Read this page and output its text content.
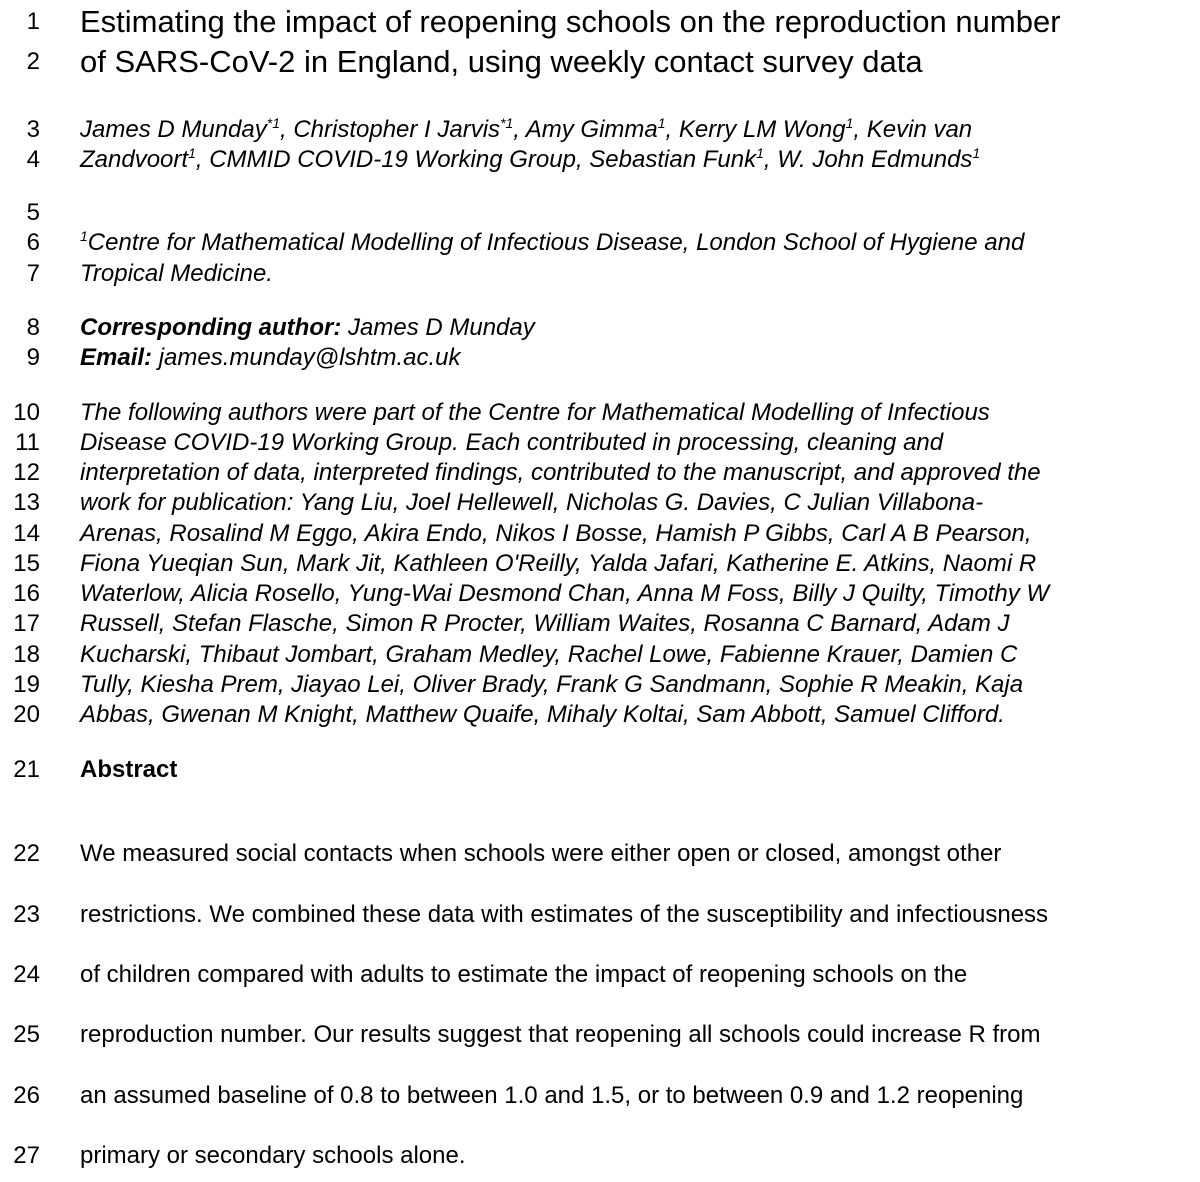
1 Estimating the impact of reopening schools on the reproduction number
2 of SARS-CoV-2 in England, using weekly contact survey data
3 James D Munday$^{*1}$, Christopher I Jarvis$^{*1}$, Amy Gimma$^1$, Kerry LM Wong$^1$, Kevin van
4 Zandvoort$^1$, CMMID COVID-19 Working Group, Sebastian Funk$^1$, W. John Edmunds$^1$
5
6	$^1$Centre for Mathematical Modelling of Infectious Disease, London School of Hygiene and
7 Tropical Medicine.
8 Corresponding author: James D Munday
9 Email: james.munday@lshtm.ac.uk
10 The following authors were part of the Centre for Mathematical Modelling of Infectious
11 Disease COVID-19 Working Group. Each contributed in processing, cleaning and
12 interpretation of data, interpreted findings, contributed to the manuscript, and approved the
13 work for publication: Yang Liu, Joel Hellewell, Nicholas G. Davies, C Julian Villabona-
14 Arenas, Rosalind M Eggo, Akira Endo, Nikos I Bosse, Hamish P Gibbs, Carl A B Pearson,
15 Fiona Yueqian Sun, Mark Jit, Kathleen O'Reilly, Yalda Jafari, Katherine E. Atkins, Naomi R
16 Waterlow, Alicia Rosello, Yung-Wai Desmond Chan, Anna M Foss, Billy J Quilty, Timothy W
17 Russell, Stefan Flasche, Simon R Procter, William Waites, Rosanna C Barnard, Adam J
18 Kucharski, Thibaut Jombart, Graham Medley, Rachel Lowe, Fabienne Krauer, Damien C
19 Tully, Kiesha Prem, Jiayao Lei, Oliver Brady, Frank G Sandmann, Sophie R Meakin, Kaja
20 Abbas, Gwenan M Knight, Matthew Quaife, Mihaly Koltai, Sam Abbott, Samuel Clifford.
21 Abstract
22 We measured social contacts when schools were either open or closed, amongst other
23 restrictions. We combined these data with estimates of the susceptibility and infectiousness
24 of children compared with adults to estimate the impact of reopening schools on the
25 reproduction number. Our results suggest that reopening all schools could increase R from
26 an assumed baseline of 0.8 to between 1.0 and 1.5, or to between 0.9 and 1.2 reopening
27 primary or secondary schools alone.
